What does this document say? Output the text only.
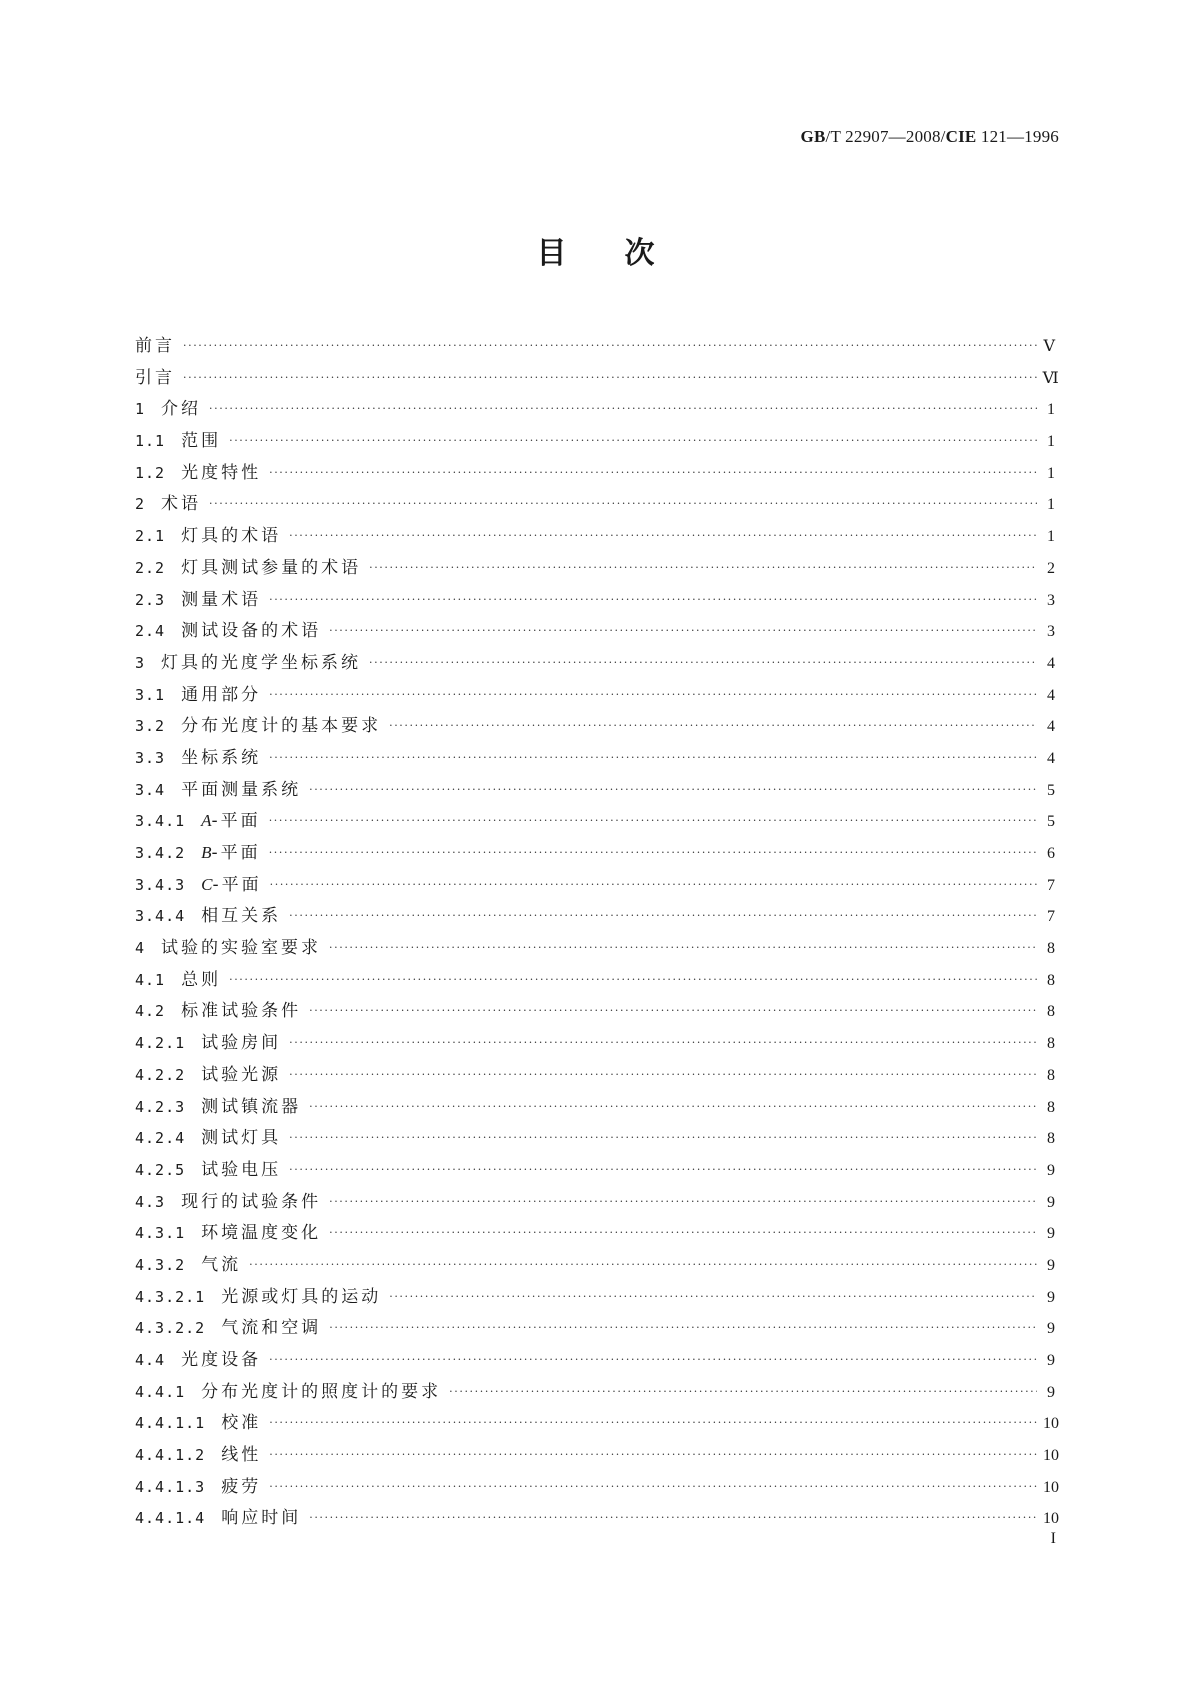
GB/T 22907—2008/CIE 121—1996
目次
前言 ·····	Ⅴ
引言 ·····	Ⅵ
1 介绍 ·····	1
1.1 范围 ·····	1
1.2 光度特性 ·····	1
2 术语 ·····	1
2.1 灯具的术语 ·····	1
2.2 灯具测试参量的术语 ·····	2
2.3 测量术语 ·····	3
2.4 测试设备的术语 ·····	3
3 灯具的光度学坐标系统 ·····	4
3.1 通用部分 ·····	4
3.2 分布光度计的基本要求 ·····	4
3.3 坐标系统 ·····	4
3.4 平面测量系统 ·····	5
3.4.1 A-平面 ·····	5
3.4.2 B-平面 ·····	6
3.4.3 C-平面 ·····	7
3.4.4 相互关系 ·····	7
4 试验的实验室要求 ·····	8
4.1 总则 ·····	8
4.2 标准试验条件 ·····	8
4.2.1 试验房间 ·····	8
4.2.2 试验光源 ·····	8
4.2.3 测试镇流器 ·····	8
4.2.4 测试灯具 ·····	8
4.2.5 试验电压 ·····	9
4.3 现行的试验条件 ·····	9
4.3.1 环境温度变化 ·····	9
4.3.2 气流 ·····	9
4.3.2.1 光源或灯具的运动 ·····	9
4.3.2.2 气流和空调 ·····	9
4.4 光度设备 ·····	9
4.4.1 分布光度计的照度计的要求 ·····	9
4.4.1.1 校准 ·····	10
4.4.1.2 线性 ·····	10
4.4.1.3 疲劳 ·····	10
4.4.1.4 响应时间 ·····	10
I
